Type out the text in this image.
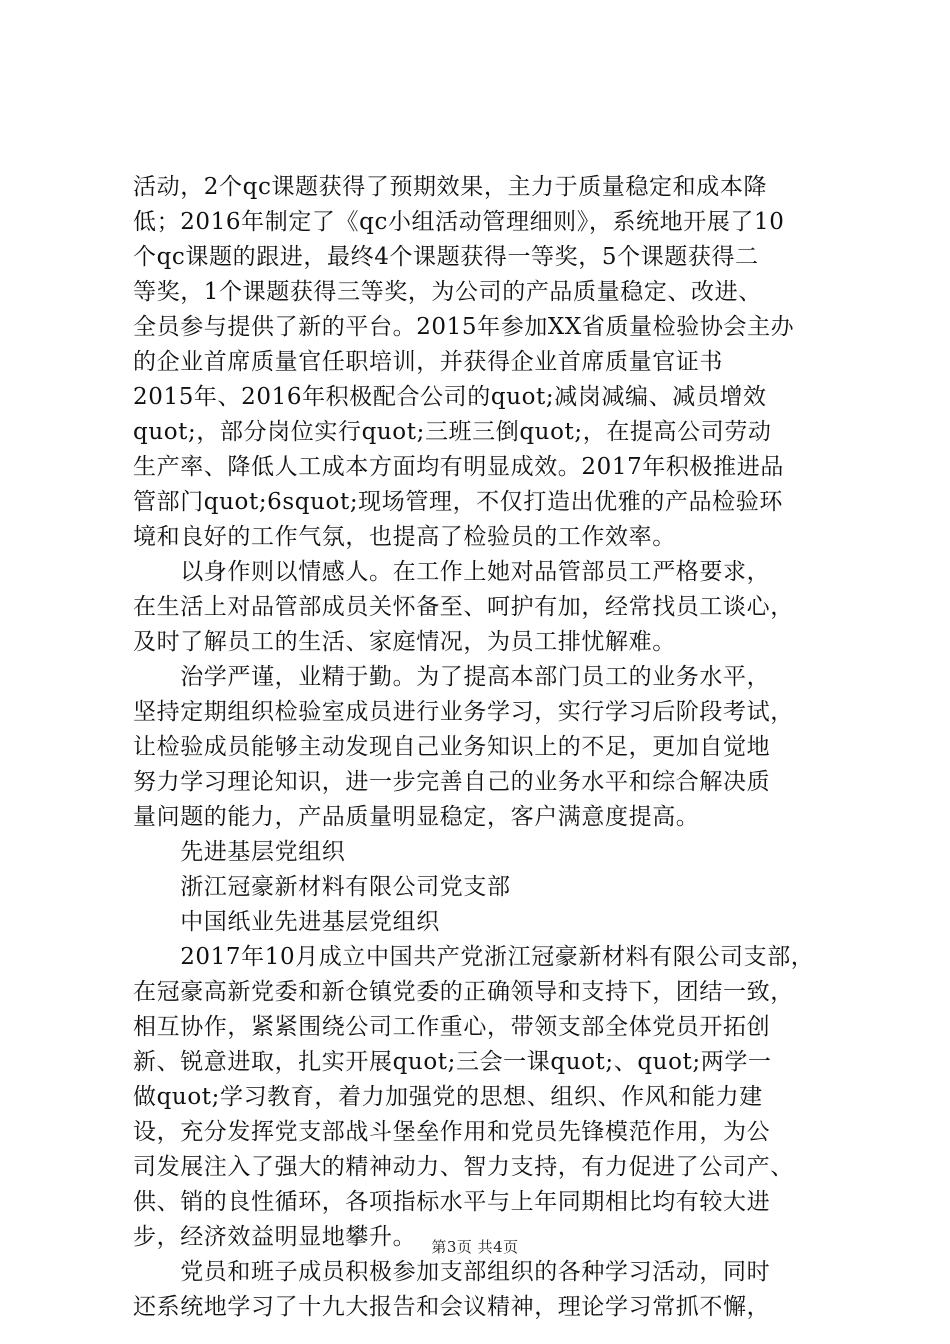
活动，2个qc课题获得了预期效果，主力于质量稳定和成本降
低；2016年制定了《qc小组活动管理细则》，系统地开展了10
个qc课题的跟进，最终4个课题获得一等奖，5个课题获得二
等奖，1个课题获得三等奖，为公司的产品质量稳定、改进、
全员参与提供了新的平台。2015年参加XX省质量检验协会主办
的企业首席质量官任职培训，并获得企业首席质量官证书
2015年、2016年积极配合公司的quot;减岗减编、减员增效
quot;，部分岗位实行quot;三班三倒quot;，在提高公司劳动
生产率、降低人工成本方面均有明显成效。2017年积极推进品
管部门quot;6squot;现场管理，不仅打造出优雅的产品检验环
境和良好的工作气氛，也提高了检验员的工作效率。
　　以身作则以情感人。在工作上她对品管部员工严格要求，
在生活上对品管部成员关怀备至、呵护有加，经常找员工谈心，
及时了解员工的生活、家庭情况，为员工排忧解难。
　　治学严谨，业精于勤。为了提高本部门员工的业务水平，
坚持定期组织检验室成员进行业务学习，实行学习后阶段考试，
让检验成员能够主动发现自己业务知识上的不足，更加自觉地
努力学习理论知识，进一步完善自己的业务水平和综合解决质
量问题的能力，产品质量明显稳定，客户满意度提高。
　　先进基层党组织
　　浙江冠豪新材料有限公司党支部
　　中国纸业先进基层党组织
　　2017年10月成立中国共产党浙江冠豪新材料有限公司支部，
在冠豪高新党委和新仓镇党委的正确领导和支持下，团结一致，
相互协作，紧紧围绕公司工作重心，带领支部全体党员开拓创
新、锐意进取，扎实开展quot;三会一课quot;、quot;两学一
做quot;学习教育，着力加强党的思想、组织、作风和能力建
设，充分发挥党支部战斗堡垒作用和党员先锋模范作用，为公
司发展注入了强大的精神动力、智力支持，有力促进了公司产、
供、销的良性循环，各项指标水平与上年同期相比均有较大进
步，经济效益明显地攀升。
　　党员和班子成员积极参加支部组织的各种学习活动，同时
还系统地学习了十九大报告和会议精神，理论学习常抓不懈，
第3页 共4页
